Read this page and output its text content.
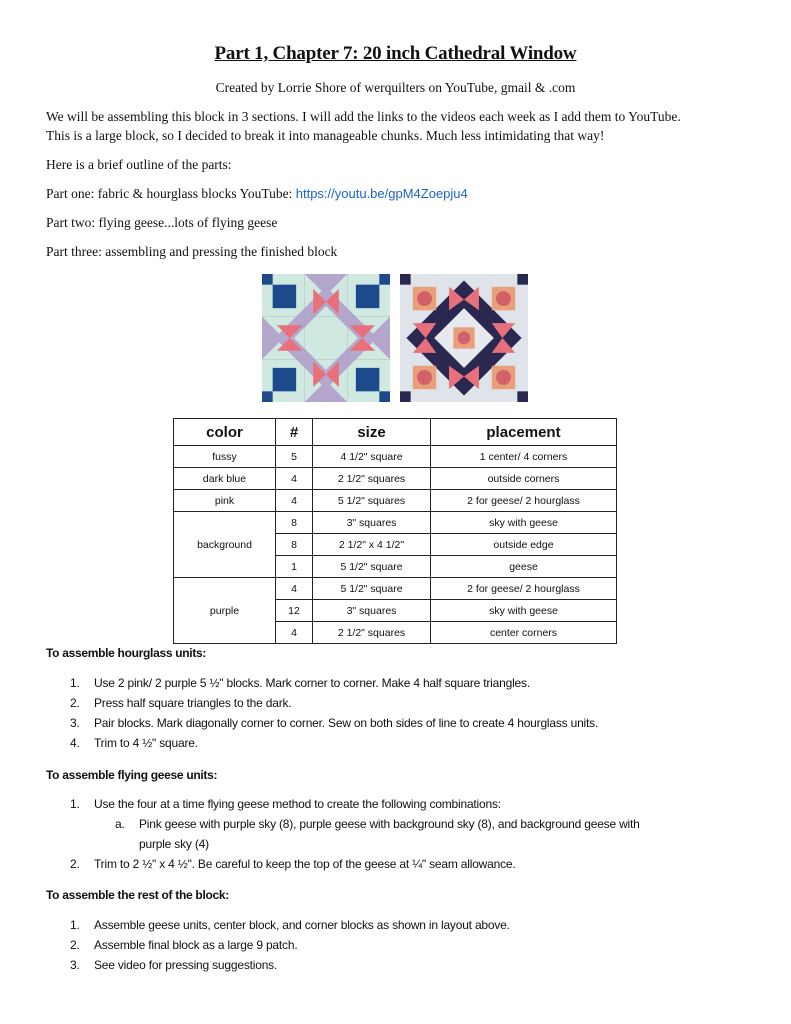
Part 1, Chapter 7: 20 inch Cathedral Window
Created by Lorrie Shore of werquilters on YouTube, gmail & .com
We will be assembling this block in 3 sections. I will add the links to the videos each week as I add them to YouTube.
This is a large block, so I decided to break it into manageable chunks. Much less intimidating that way!
Here is a brief outline of the parts:
Part one: fabric & hourglass blocks YouTube: https://youtu.be/gpM4Zoepju4
Part two: flying geese...lots of flying geese
Part three: assembling and pressing the finished block
color	#	size	placement
fussy	5	4 1/2" square	1 center/ 4 corners
dark blue	4	2 1/2" squares	outside corners
pink	4	5 1/2" squares	2 for geese/ 2 hourglass
background	8	3" squares	sky with geese
	8	2 1/2" x 4 1/2"	outside edge
	1	5 1/2" square	geese
purple	4	5 1/2" square	2 for geese/ 2 hourglass
	12	3" squares	sky with geese
	4	2 1/2" squares	center corners
To assemble hourglass units:
1.	Use 2 pink/ 2 purple 5 ½" blocks. Mark corner to corner. Make 4 half square triangles.
2.	Press half square triangles to the dark.
3.	Pair blocks. Mark diagonally corner to corner. Sew on both sides of line to create 4 hourglass units.
4.	Trim to 4 ½" square.
To assemble flying geese units:
1.	Use the four at a time flying geese method to create the following combinations:
a.	Pink geese with purple sky (8), purple geese with background sky (8), and background geese with
purple sky (4)
2.	Trim to 2 ½" x 4 ½". Be careful to keep the top of the geese at ¼" seam allowance.
To assemble the rest of the block:
1.	Assemble geese units, center block, and corner blocks as shown in layout above.
2.	Assemble final block as a large 9 patch.
3.	See video for pressing suggestions.
